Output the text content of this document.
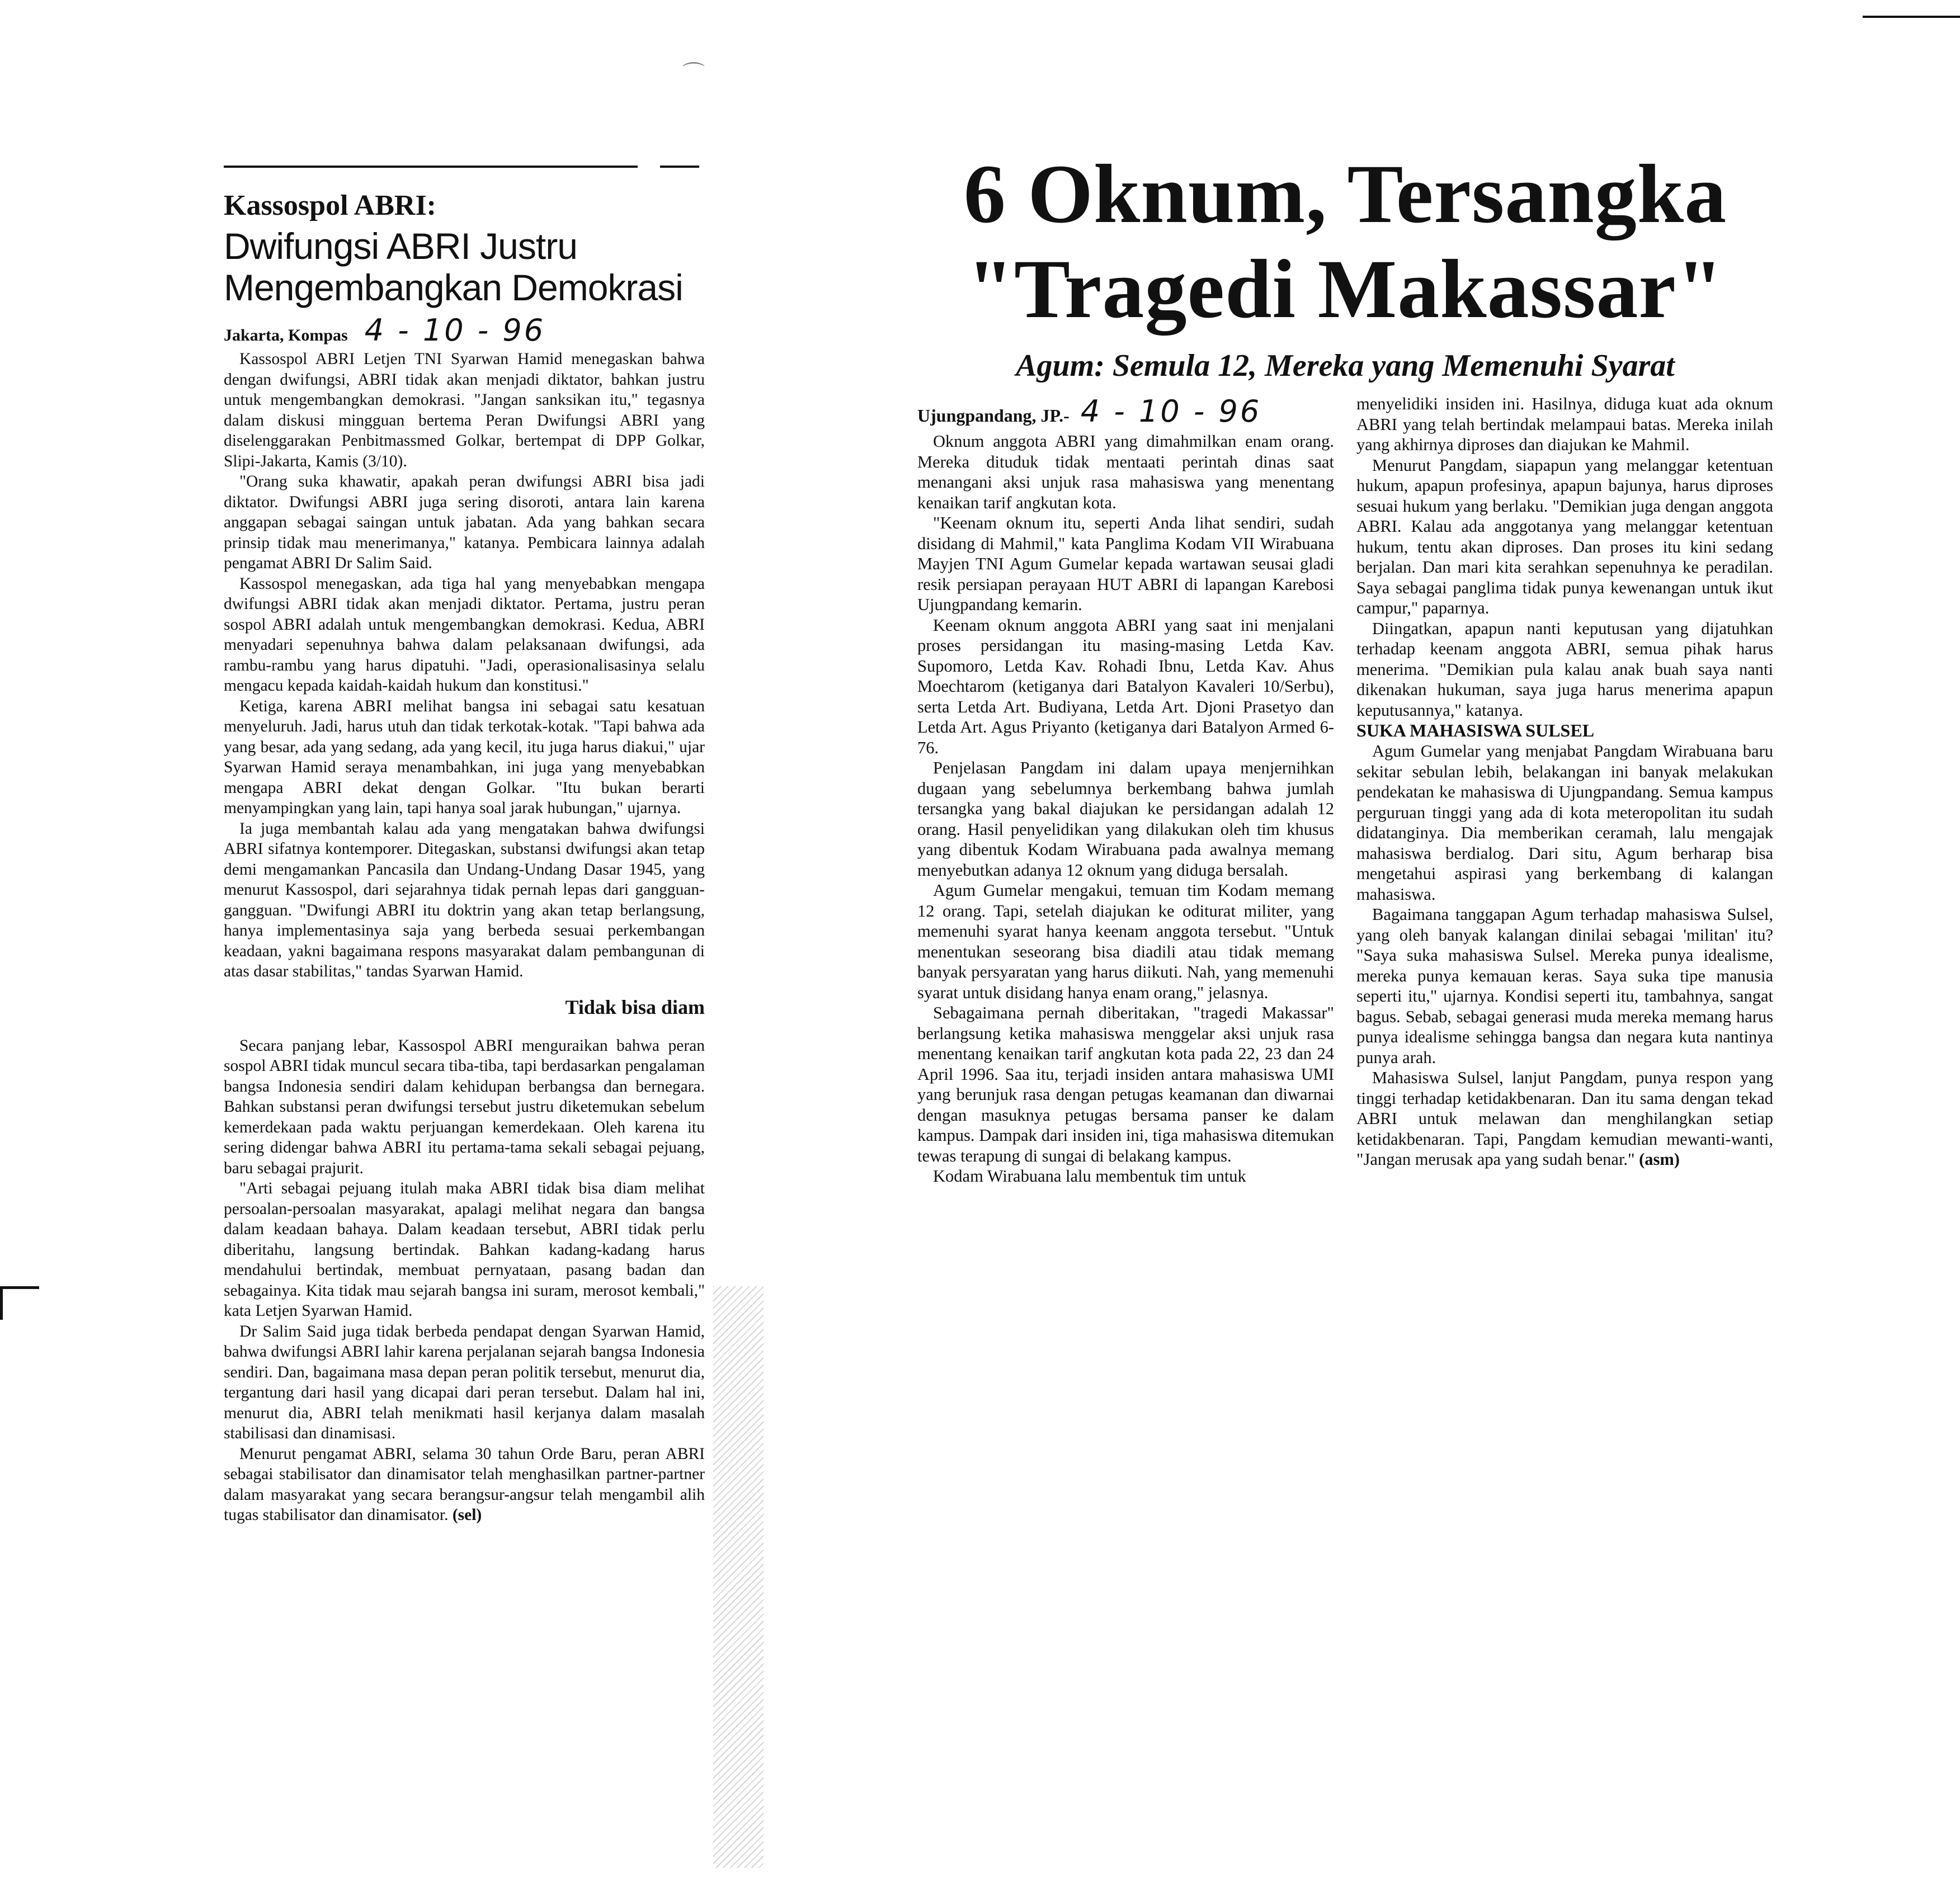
⌒
Kassospol ABRI:
Dwifungsi ABRI Justru Mengembangkan Demokrasi
Jakarta, Kompas 4 - 10 - 96

Kassospol ABRI Letjen TNI Syarwan Hamid menegaskan bahwa dengan dwifungsi, ABRI tidak akan menjadi diktator, bahkan justru untuk mengembangkan demokrasi. "Jangan sanksikan itu," tegasnya dalam diskusi mingguan bertema Peran Dwifungsi ABRI yang diselenggarakan Penbitmassmed Golkar, bertempat di DPP Golkar, Slipi-Jakarta, Kamis (3/10).

"Orang suka khawatir, apakah peran dwifungsi ABRI bisa jadi diktator. Dwifungsi ABRI juga sering disoroti, antara lain karena anggapan sebagai saingan untuk jabatan. Ada yang bahkan secara prinsip tidak mau menerimanya," katanya. Pembicara lainnya adalah pengamat ABRI Dr Salim Said.

Kassospol menegaskan, ada tiga hal yang menyebabkan mengapa dwifungsi ABRI tidak akan menjadi diktator. Pertama, justru peran sospol ABRI adalah untuk mengembangkan demokrasi. Kedua, ABRI menyadari sepenuhnya bahwa dalam pelaksanaan dwifungsi, ada rambu-rambu yang harus dipatuhi. "Jadi, operasionalisasinya selalu mengacu kepada kaidah-kaidah hukum dan konstitusi."

Ketiga, karena ABRI melihat bangsa ini sebagai satu kesatuan menyeluruh. Jadi, harus utuh dan tidak terkotak-kotak. "Tapi bahwa ada yang besar, ada yang sedang, ada yang kecil, itu juga harus diakui," ujar Syarwan Hamid seraya menambahkan, ini juga yang menyebabkan mengapa ABRI dekat dengan Golkar. "Itu bukan berarti menyampingkan yang lain, tapi hanya soal jarak hubungan," ujarnya.

Ia juga membantah kalau ada yang mengatakan bahwa dwifungsi ABRI sifatnya kontemporer. Ditegaskan, substansi dwifungsi akan tetap demi mengamankan Pancasila dan Undang-Undang Dasar 1945, yang menurut Kassospol, dari sejarahnya tidak pernah lepas dari gangguan-gangguan. "Dwifungi ABRI itu doktrin yang akan tetap berlangsung, hanya implementasinya saja yang berbeda sesuai perkembangan keadaan, yakni bagaimana respons masyarakat dalam pembangunan di atas dasar stabilitas," tandas Syarwan Hamid.

Tidak bisa diam

Secara panjang lebar, Kassospol ABRI menguraikan bahwa peran sospol ABRI tidak muncul secara tiba-tiba, tapi berdasarkan pengalaman bangsa Indonesia sendiri dalam kehidupan berbangsa dan bernegara. Bahkan substansi peran dwifungsi tersebut justru diketemukan sebelum kemerdekaan pada waktu perjuangan kemerdekaan. Oleh karena itu sering didengar bahwa ABRI itu pertama-tama sekali sebagai pejuang, baru sebagai prajurit.

"Arti sebagai pejuang itulah maka ABRI tidak bisa diam melihat persoalan-persoalan masyarakat, apalagi melihat negara dan bangsa dalam keadaan bahaya. Dalam keadaan tersebut, ABRI tidak perlu diberitahu, langsung bertindak. Bahkan kadang-kadang harus mendahului bertindak, membuat pernyataan, pasang badan dan sebagainya. Kita tidak mau sejarah bangsa ini suram, merosot kembali," kata Letjen Syarwan Hamid.

Dr Salim Said juga tidak berbeda pendapat dengan Syarwan Hamid, bahwa dwifungsi ABRI lahir karena perjalanan sejarah bangsa Indonesia sendiri. Dan, bagaimana masa depan peran politik tersebut, menurut dia, tergantung dari hasil yang dicapai dari peran tersebut. Dalam hal ini, menurut dia, ABRI telah menikmati hasil kerjanya dalam masalah stabilisasi dan dinamisasi.

Menurut pengamat ABRI, selama 30 tahun Orde Baru, peran ABRI sebagai stabilisator dan dinamisator telah menghasilkan partner-partner dalam masyarakat yang secara berangsur-angsur telah mengambil alih tugas stabilisator dan dinamisator. (sel)

6 Oknum, Tersangka
"Tragedi Makassar"
Agum: Semula 12, Mereka yang Memenuhi Syarat
Ujungpandang, JP.- 4 - 10 - 96

Oknum anggota ABRI yang dimahmilkan enam orang. Mereka dituduk tidak mentaati perintah dinas saat menangani aksi unjuk rasa mahasiswa yang menentang kenaikan tarif angkutan kota.

"Keenam oknum itu, seperti Anda lihat sendiri, sudah disidang di Mahmil," kata Panglima Kodam VII Wirabuana Mayjen TNI Agum Gumelar kepada wartawan seusai gladi resik persiapan perayaan HUT ABRI di lapangan Karebosi Ujungpandang kemarin.

Keenam oknum anggota ABRI yang saat ini menjalani proses persidangan itu masing-masing Letda Kav. Supomoro, Letda Kav. Rohadi Ibnu, Letda Kav. Ahus Moechtarom (ketiganya dari Batalyon Kavaleri 10/Serbu), serta Letda Art. Budiyana, Letda Art. Djoni Prasetyo dan Letda Art. Agus Priyanto (ketiganya dari Batalyon Armed 6-76.

Penjelasan Pangdam ini dalam upaya menjernihkan dugaan yang sebelumnya berkembang bahwa jumlah tersangka yang bakal diajukan ke persidangan adalah 12 orang. Hasil penyelidikan yang dilakukan oleh tim khusus yang dibentuk Kodam Wirabuana pada awalnya memang menyebutkan adanya 12 oknum yang diduga bersalah.

Agum Gumelar mengakui, temuan tim Kodam memang 12 orang. Tapi, setelah diajukan ke oditurat militer, yang memenuhi syarat hanya keenam anggota tersebut. "Untuk menentukan seseorang bisa diadili atau tidak memang banyak persyaratan yang harus diikuti. Nah, yang memenuhi syarat untuk disidang hanya enam orang," jelasnya.

Sebagaimana pernah diberitakan, "tragedi Makassar" berlangsung ketika mahasiswa menggelar aksi unjuk rasa menentang kenaikan tarif angkutan kota pada 22, 23 dan 24 April 1996. Saa itu, terjadi insiden antara mahasiswa UMI yang berunjuk rasa dengan petugas keamanan dan diwarnai dengan masuknya petugas bersama panser ke dalam kampus. Dampak dari insiden ini, tiga mahasiswa ditemukan tewas terapung di sungai di belakang kampus.

Kodam Wirabuana lalu membentuk tim untuk

menyelidiki insiden ini. Hasilnya, diduga kuat ada oknum ABRI yang telah bertindak melampaui batas. Mereka inilah yang akhirnya diproses dan diajukan ke Mahmil.

Menurut Pangdam, siapapun yang melanggar ketentuan hukum, apapun profesinya, apapun bajunya, harus diproses sesuai hukum yang berlaku. "Demikian juga dengan anggota ABRI. Kalau ada anggotanya yang melanggar ketentuan hukum, tentu akan diproses. Dan proses itu kini sedang berjalan. Dan mari kita serahkan sepenuhnya ke peradilan. Saya sebagai panglima tidak punya kewenangan untuk ikut campur," paparnya.

Diingatkan, apapun nanti keputusan yang dijatuhkan terhadap keenam anggota ABRI, semua pihak harus menerima. "Demikian pula kalau anak buah saya nanti dikenakan hukuman, saya juga harus menerima apapun keputusannya," katanya.

SUKA MAHASISWA SULSEL

Agum Gumelar yang menjabat Pangdam Wirabuana baru sekitar sebulan lebih, belakangan ini banyak melakukan pendekatan ke mahasiswa di Ujungpandang. Semua kampus perguruan tinggi yang ada di kota meteropolitan itu sudah didatanginya. Dia memberikan ceramah, lalu mengajak mahasiswa berdialog. Dari situ, Agum berharap bisa mengetahui aspirasi yang berkembang di kalangan mahasiswa.

Bagaimana tanggapan Agum terhadap mahasiswa Sulsel, yang oleh banyak kalangan dinilai sebagai 'militan' itu? "Saya suka mahasiswa Sulsel. Mereka punya idealisme, mereka punya kemauan keras. Saya suka tipe manusia seperti itu," ujarnya. Kondisi seperti itu, tambahnya, sangat bagus. Sebab, sebagai generasi muda mereka memang harus punya idealisme sehingga bangsa dan negara kuta nantinya punya arah.

Mahasiswa Sulsel, lanjut Pangdam, punya respon yang tinggi terhadap ketidakbenaran. Dan itu sama dengan tekad ABRI untuk melawan dan menghilangkan setiap ketidakbenaran. Tapi, Pangdam kemudian mewanti-wanti, "Jangan merusak apa yang sudah benar." (asm)
